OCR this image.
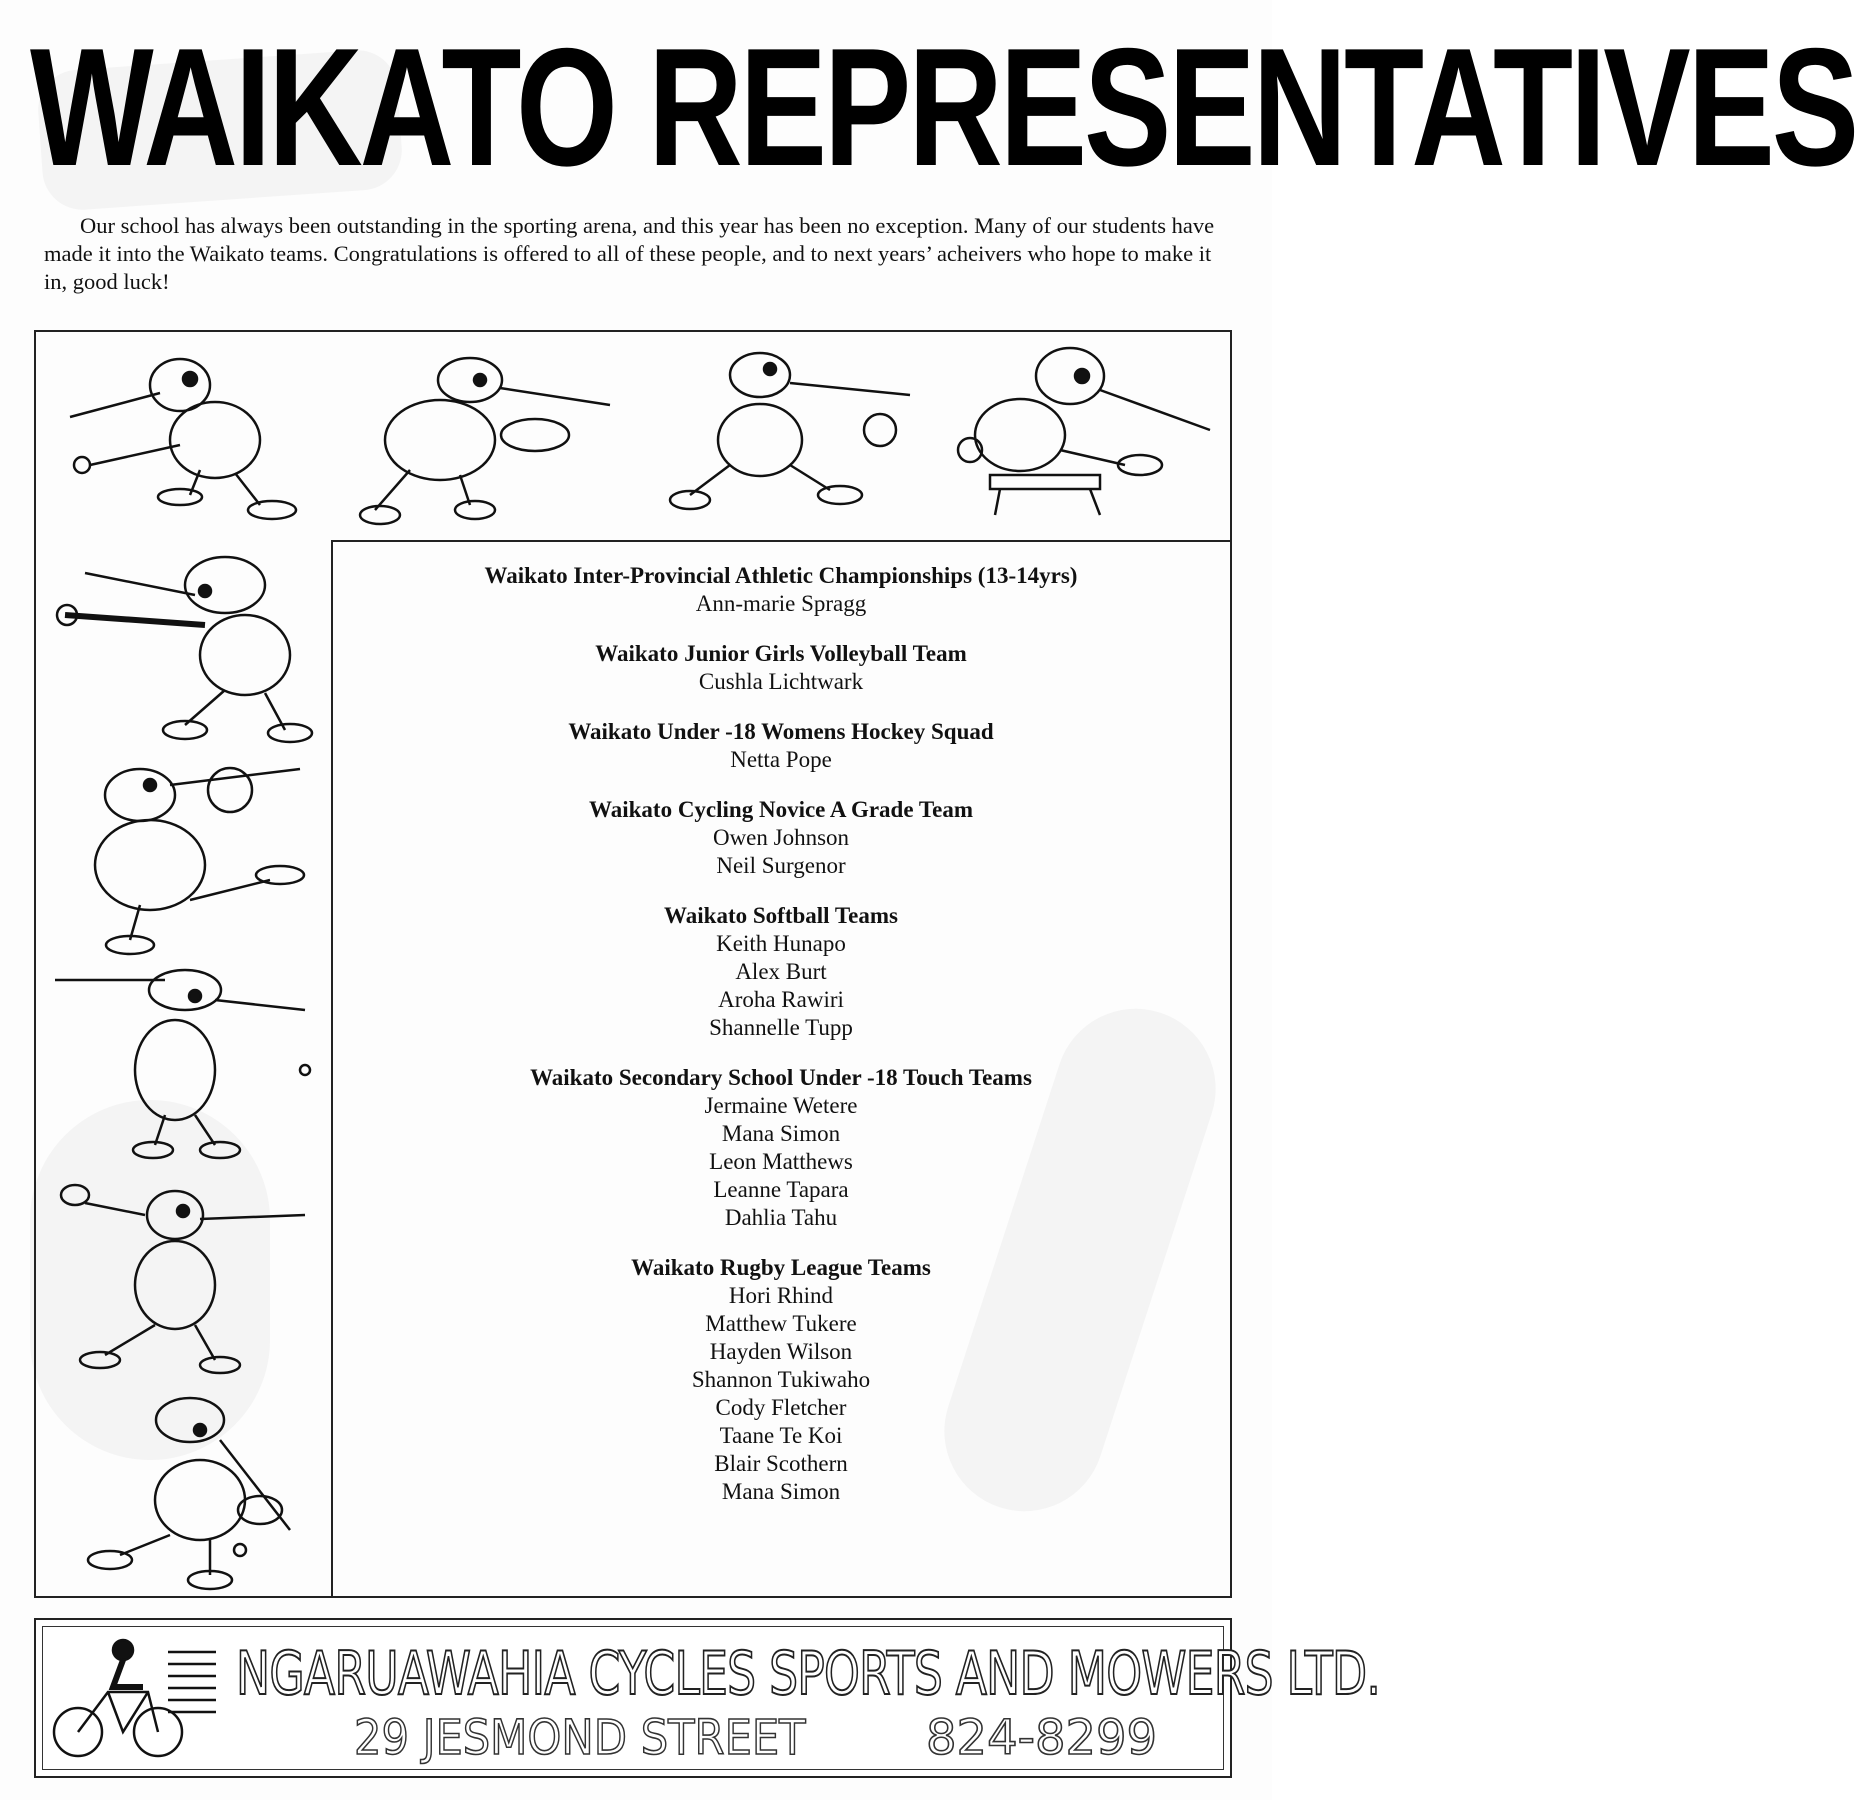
WAIKATO REPRESENTATIVES

Our school has always been outstanding in the sporting arena, and this year has been no exception. Many of our students have made it into the Waikato teams. Congratulations is offered to all of these people, and to next years’ acheivers who hope to make it in, good luck!

Waikato Inter-Provincial Athletic Championships (13-14yrs)
Ann-marie Spragg
Waikato Junior Girls Volleyball Team
Cushla Lichtwark
Waikato Under -18 Womens Hockey Squad
Netta Pope
Waikato Cycling Novice A Grade Team
Owen Johnson
Neil Surgenor
Waikato Softball Teams
Keith Hunapo
Alex Burt
Aroha Rawiri
Shannelle Tupp
Waikato Secondary School Under -18 Touch Teams
Jermaine Wetere
Mana Simon
Leon Matthews
Leanne Tapara
Dahlia Tahu
Waikato Rugby League Teams
Hori Rhind
Matthew Tukere
Hayden Wilson
Shannon Tukiwaho
Cody Fletcher
Taane Te Koi
Blair Scothern
Mana Simon
NGARUAWAHIA CYCLES SPORTS AND MOWERS LTD.
29 JESMOND STREET	824-8299
